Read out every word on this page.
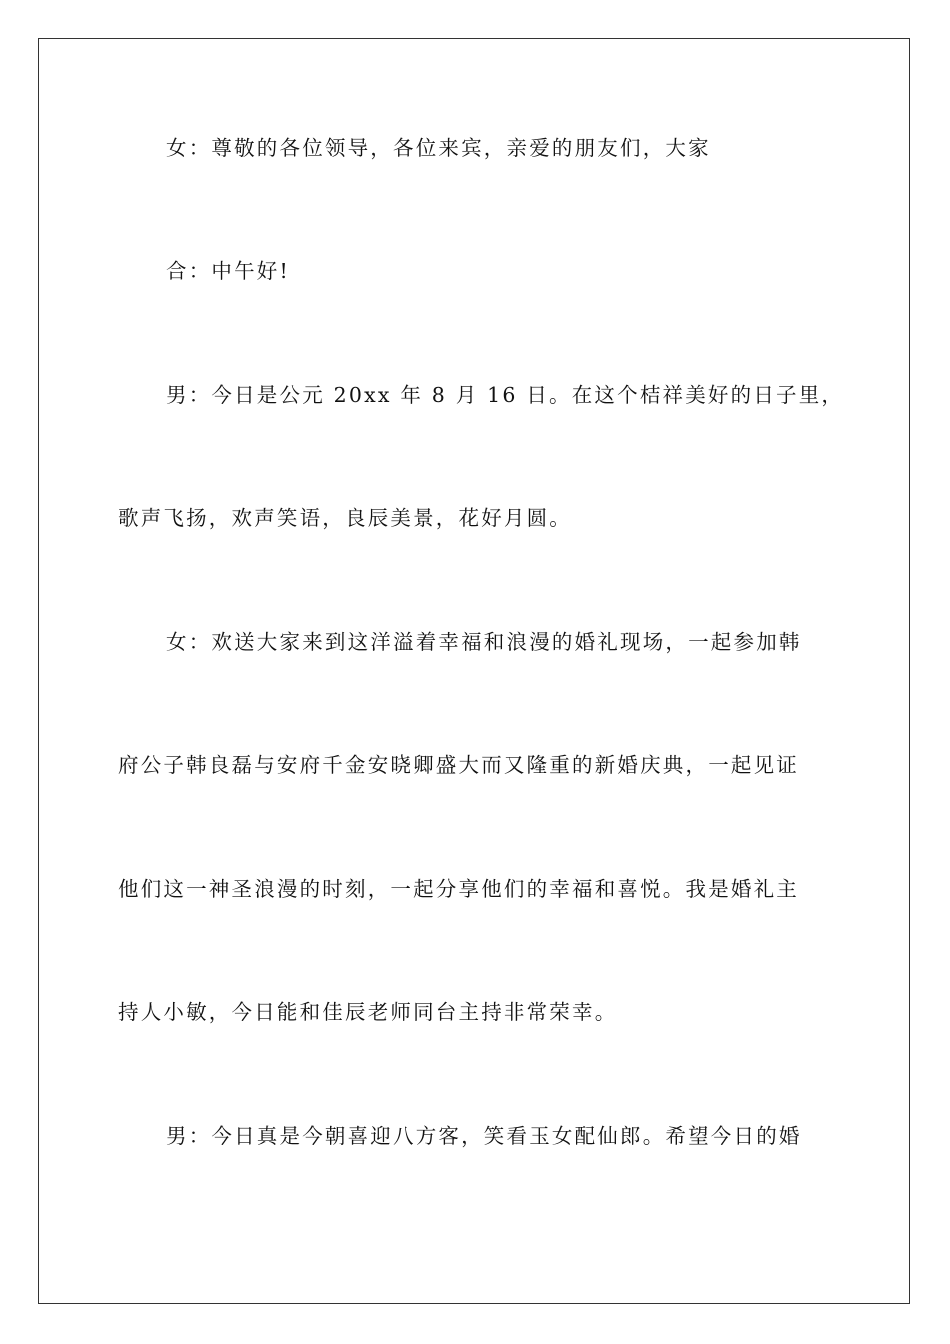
女：尊敬的各位领导，各位来宾，亲爱的朋友们，大家
合：中午好!
男：今日是公元 20xx 年 8 月 16 日。在这个桔祥美好的日子里，
歌声飞扬，欢声笑语，良辰美景，花好月圆。
女：欢送大家来到这洋溢着幸福和浪漫的婚礼现场，一起参加韩
府公子韩良磊与安府千金安晓卿盛大而又隆重的新婚庆典，一起见证
他们这一神圣浪漫的时刻，一起分享他们的幸福和喜悦。我是婚礼主
持人小敏，今日能和佳辰老师同台主持非常荣幸。
男：今日真是今朝喜迎八方客，笑看玉女配仙郎。希望今日的婚
